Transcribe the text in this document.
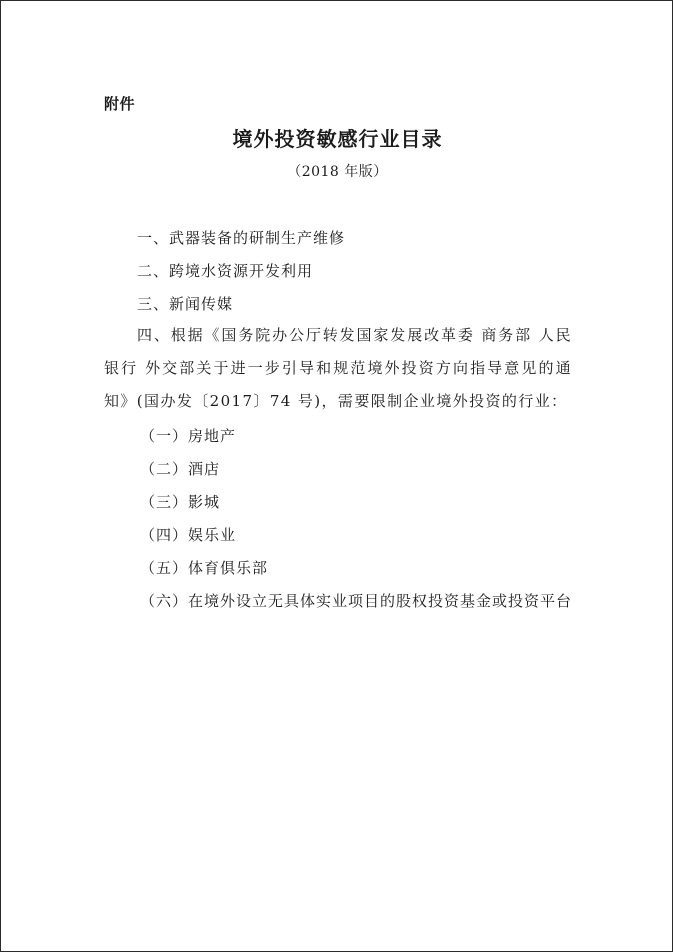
附件
境外投资敏感行业目录
（2018 年版）
一、武器装备的研制生产维修
二、跨境水资源开发利用
三、新闻传媒

四、根据《国务院办公厅转发国家发展改革委 商务部 人民银行 外交部关于进一步引导和规范境外投资方向指导意见的通知》(国办发〔2017〕74 号)，需要限制企业境外投资的行业：

（一）房地产
（二）酒店
（三）影城
（四）娱乐业
（五）体育俱乐部
（六）在境外设立无具体实业项目的股权投资基金或投资平台
